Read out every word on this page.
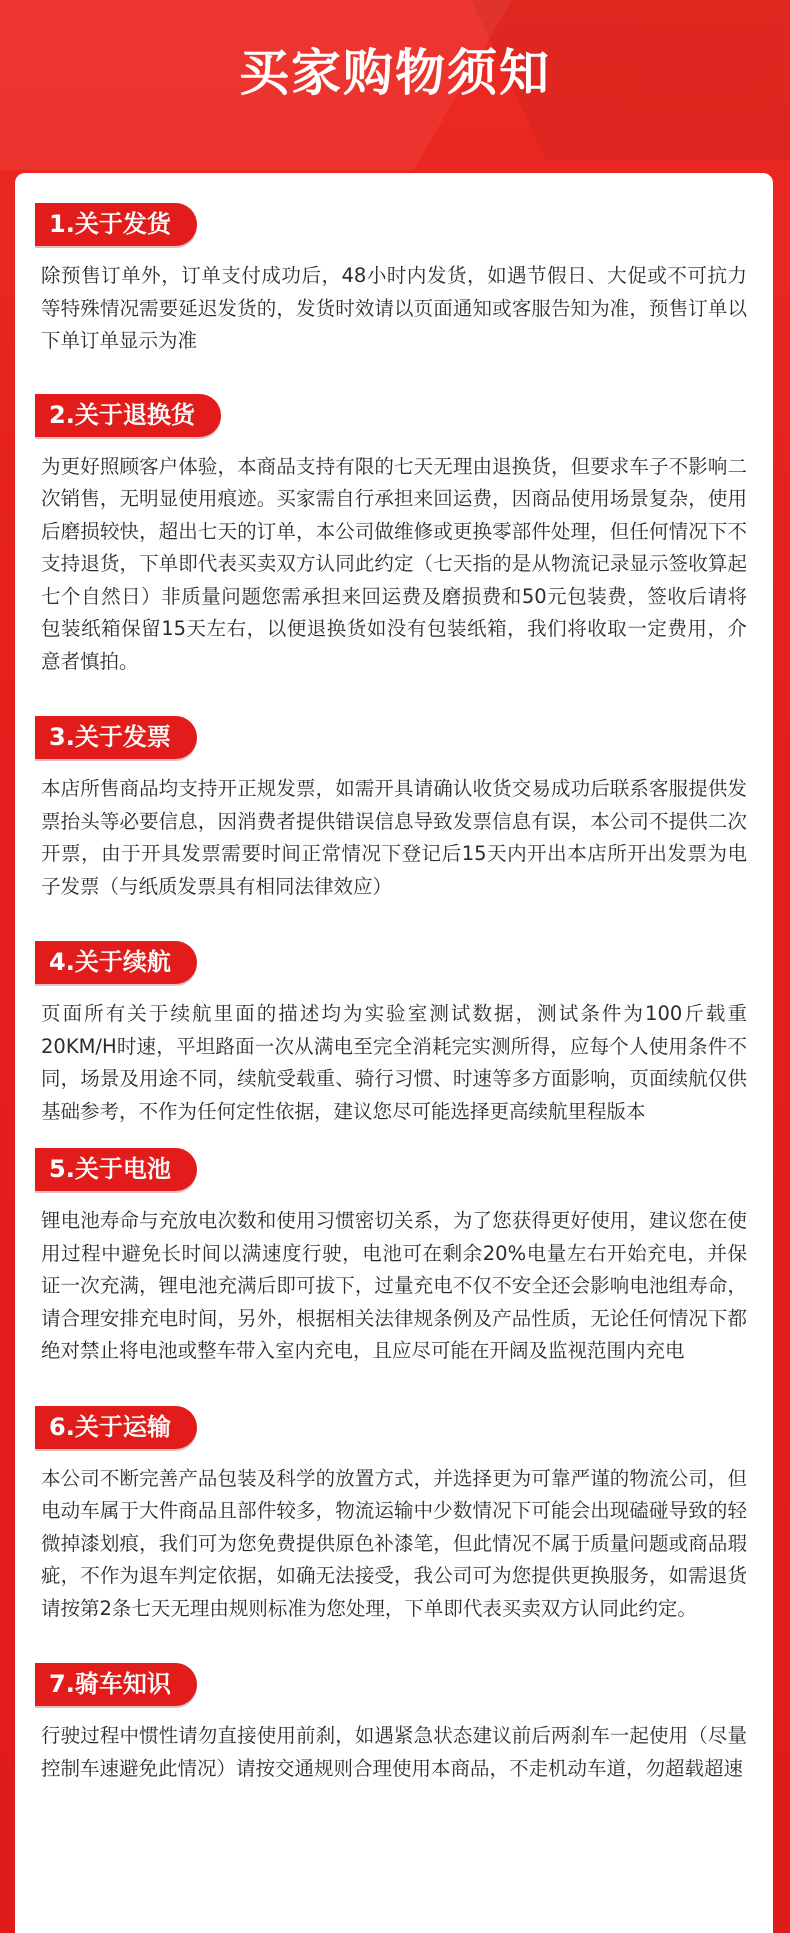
买家购物须知
1.关于发货

除预售订单外，订单支付成功后，48小时内发货，如遇节假日、大促或不可抗力等特殊情况需要延迟发货的，发货时效请以页面通知或客服告知为准，预售订单以下单订单显示为准

2.关于退换货

为更好照顾客户体验，本商品支持有限的七天无理由退换货，但要求车子不影响二次销售，无明显使用痕迹。买家需自行承担来回运费，因商品使用场景复杂，使用后磨损较快，超出七天的订单，本公司做维修或更换零部件处理，但任何情况下不支持退货，下单即代表买卖双方认同此约定（七天指的是从物流记录显示签收算起七个自然日）非质量问题您需承担来回运费及磨损费和50元包装费，签收后请将包装纸箱保留15天左右，以便退换货如没有包装纸箱，我们将收取一定费用，介意者慎拍。

3.关于发票

本店所售商品均支持开正规发票，如需开具请确认收货交易成功后联系客服提供发票抬头等必要信息，因消费者提供错误信息导致发票信息有误，本公司不提供二次开票，由于开具发票需要时间正常情况下登记后15天内开出本店所开出发票为电子发票（与纸质发票具有相同法律效应）

4.关于续航

页面所有关于续航里面的描述均为实验室测试数据，测试条件为100斤载重20KM/H时速，平坦路面一次从满电至完全消耗完实测所得，应每个人使用条件不同，场景及用途不同，续航受载重、骑行习惯、时速等多方面影响，页面续航仅供基础参考，不作为任何定性依据，建议您尽可能选择更高续航里程版本

5.关于电池

锂电池寿命与充放电次数和使用习惯密切关系，为了您获得更好使用，建议您在使用过程中避免长时间以满速度行驶，电池可在剩余20%电量左右开始充电，并保证一次充满，锂电池充满后即可拔下，过量充电不仅不安全还会影响电池组寿命，请合理安排充电时间，另外，根据相关法律规条例及产品性质，无论任何情况下都绝对禁止将电池或整车带入室内充电，且应尽可能在开阔及监视范围内充电

6.关于运输

本公司不断完善产品包装及科学的放置方式，并选择更为可靠严谨的物流公司，但电动车属于大件商品且部件较多，物流运输中少数情况下可能会出现磕碰导致的轻微掉漆划痕，我们可为您免费提供原色补漆笔，但此情况不属于质量问题或商品瑕疵，不作为退车判定依据，如确无法接受，我公司可为您提供更换服务，如需退货请按第2条七天无理由规则标准为您处理，下单即代表买卖双方认同此约定。

7.骑车知识

行驶过程中惯性请勿直接使用前刹，如遇紧急状态建议前后两刹车一起使用（尽量控制车速避免此情况）请按交通规则合理使用本商品，不走机动车道，勿超载超速
